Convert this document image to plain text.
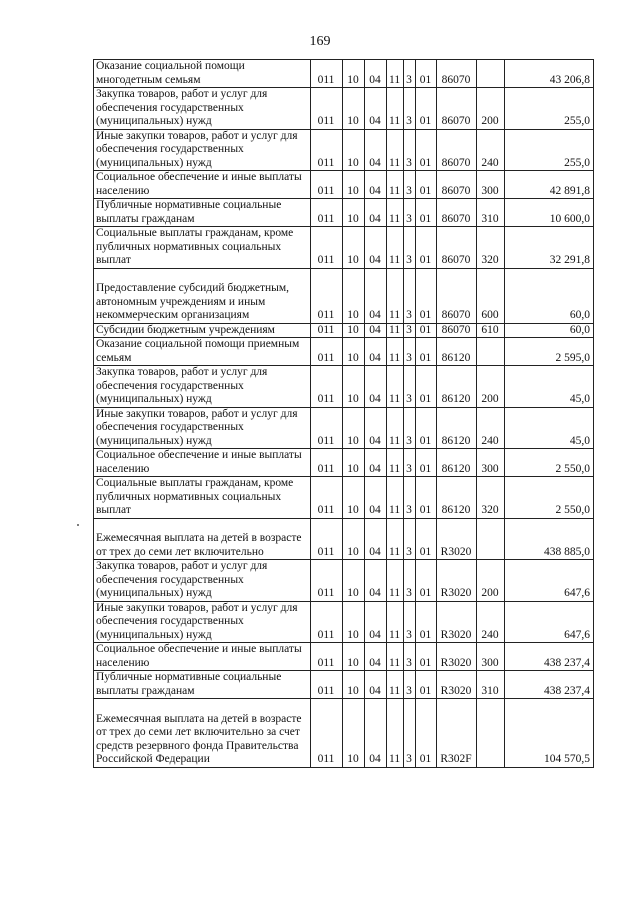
169
Оказание социальной помощи многодетным семьям	011	10	04	11	3	01	86070		43 206,8
Закупка товаров, работ и услуг для обеспечения государственных (муниципальных) нужд	011	10	04	11	3	01	86070	200	255,0
Иные закупки товаров, работ и услуг для обеспечения государственных (муниципальных) нужд	011	10	04	11	3	01	86070	240	255,0
Социальное обеспечение и иные выплаты населению	011	10	04	11	3	01	86070	300	42 891,8
Публичные нормативные социальные выплаты гражданам	011	10	04	11	3	01	86070	310	10 600,0
Социальные выплаты гражданам, кроме публичных нормативных социальных выплат	011	10	04	11	3	01	86070	320	32 291,8
Предоставление субсидий бюджетным, автономным учреждениям и иным некоммерческим организациям	011	10	04	11	3	01	86070	600	60,0
Субсидии бюджетным учреждениям	011	10	04	11	3	01	86070	610	60,0
Оказание социальной помощи приемным семьям	011	10	04	11	3	01	86120		2 595,0
Закупка товаров, работ и услуг для обеспечения государственных (муниципальных) нужд	011	10	04	11	3	01	86120	200	45,0
Иные закупки товаров, работ и услуг для обеспечения государственных (муниципальных) нужд	011	10	04	11	3	01	86120	240	45,0
Социальное обеспечение и иные выплаты населению	011	10	04	11	3	01	86120	300	2 550,0
Социальные выплаты гражданам, кроме публичных нормативных социальных выплат	011	10	04	11	3	01	86120	320	2 550,0
Ежемесячная выплата на детей в возрасте от трех до семи лет включительно	011	10	04	11	3	01	R3020		438 885,0
Закупка товаров, работ и услуг для обеспечения государственных (муниципальных) нужд	011	10	04	11	3	01	R3020	200	647,6
Иные закупки товаров, работ и услуг для обеспечения государственных (муниципальных) нужд	011	10	04	11	3	01	R3020	240	647,6
Социальное обеспечение и иные выплаты населению	011	10	04	11	3	01	R3020	300	438 237,4
Публичные нормативные социальные выплаты гражданам	011	10	04	11	3	01	R3020	310	438 237,4
Ежемесячная выплата на детей в возрасте от трех до семи лет включительно за счет средств резервного фонда Правительства Российской Федерации	011	10	04	11	3	01	R302F		104 570,5
